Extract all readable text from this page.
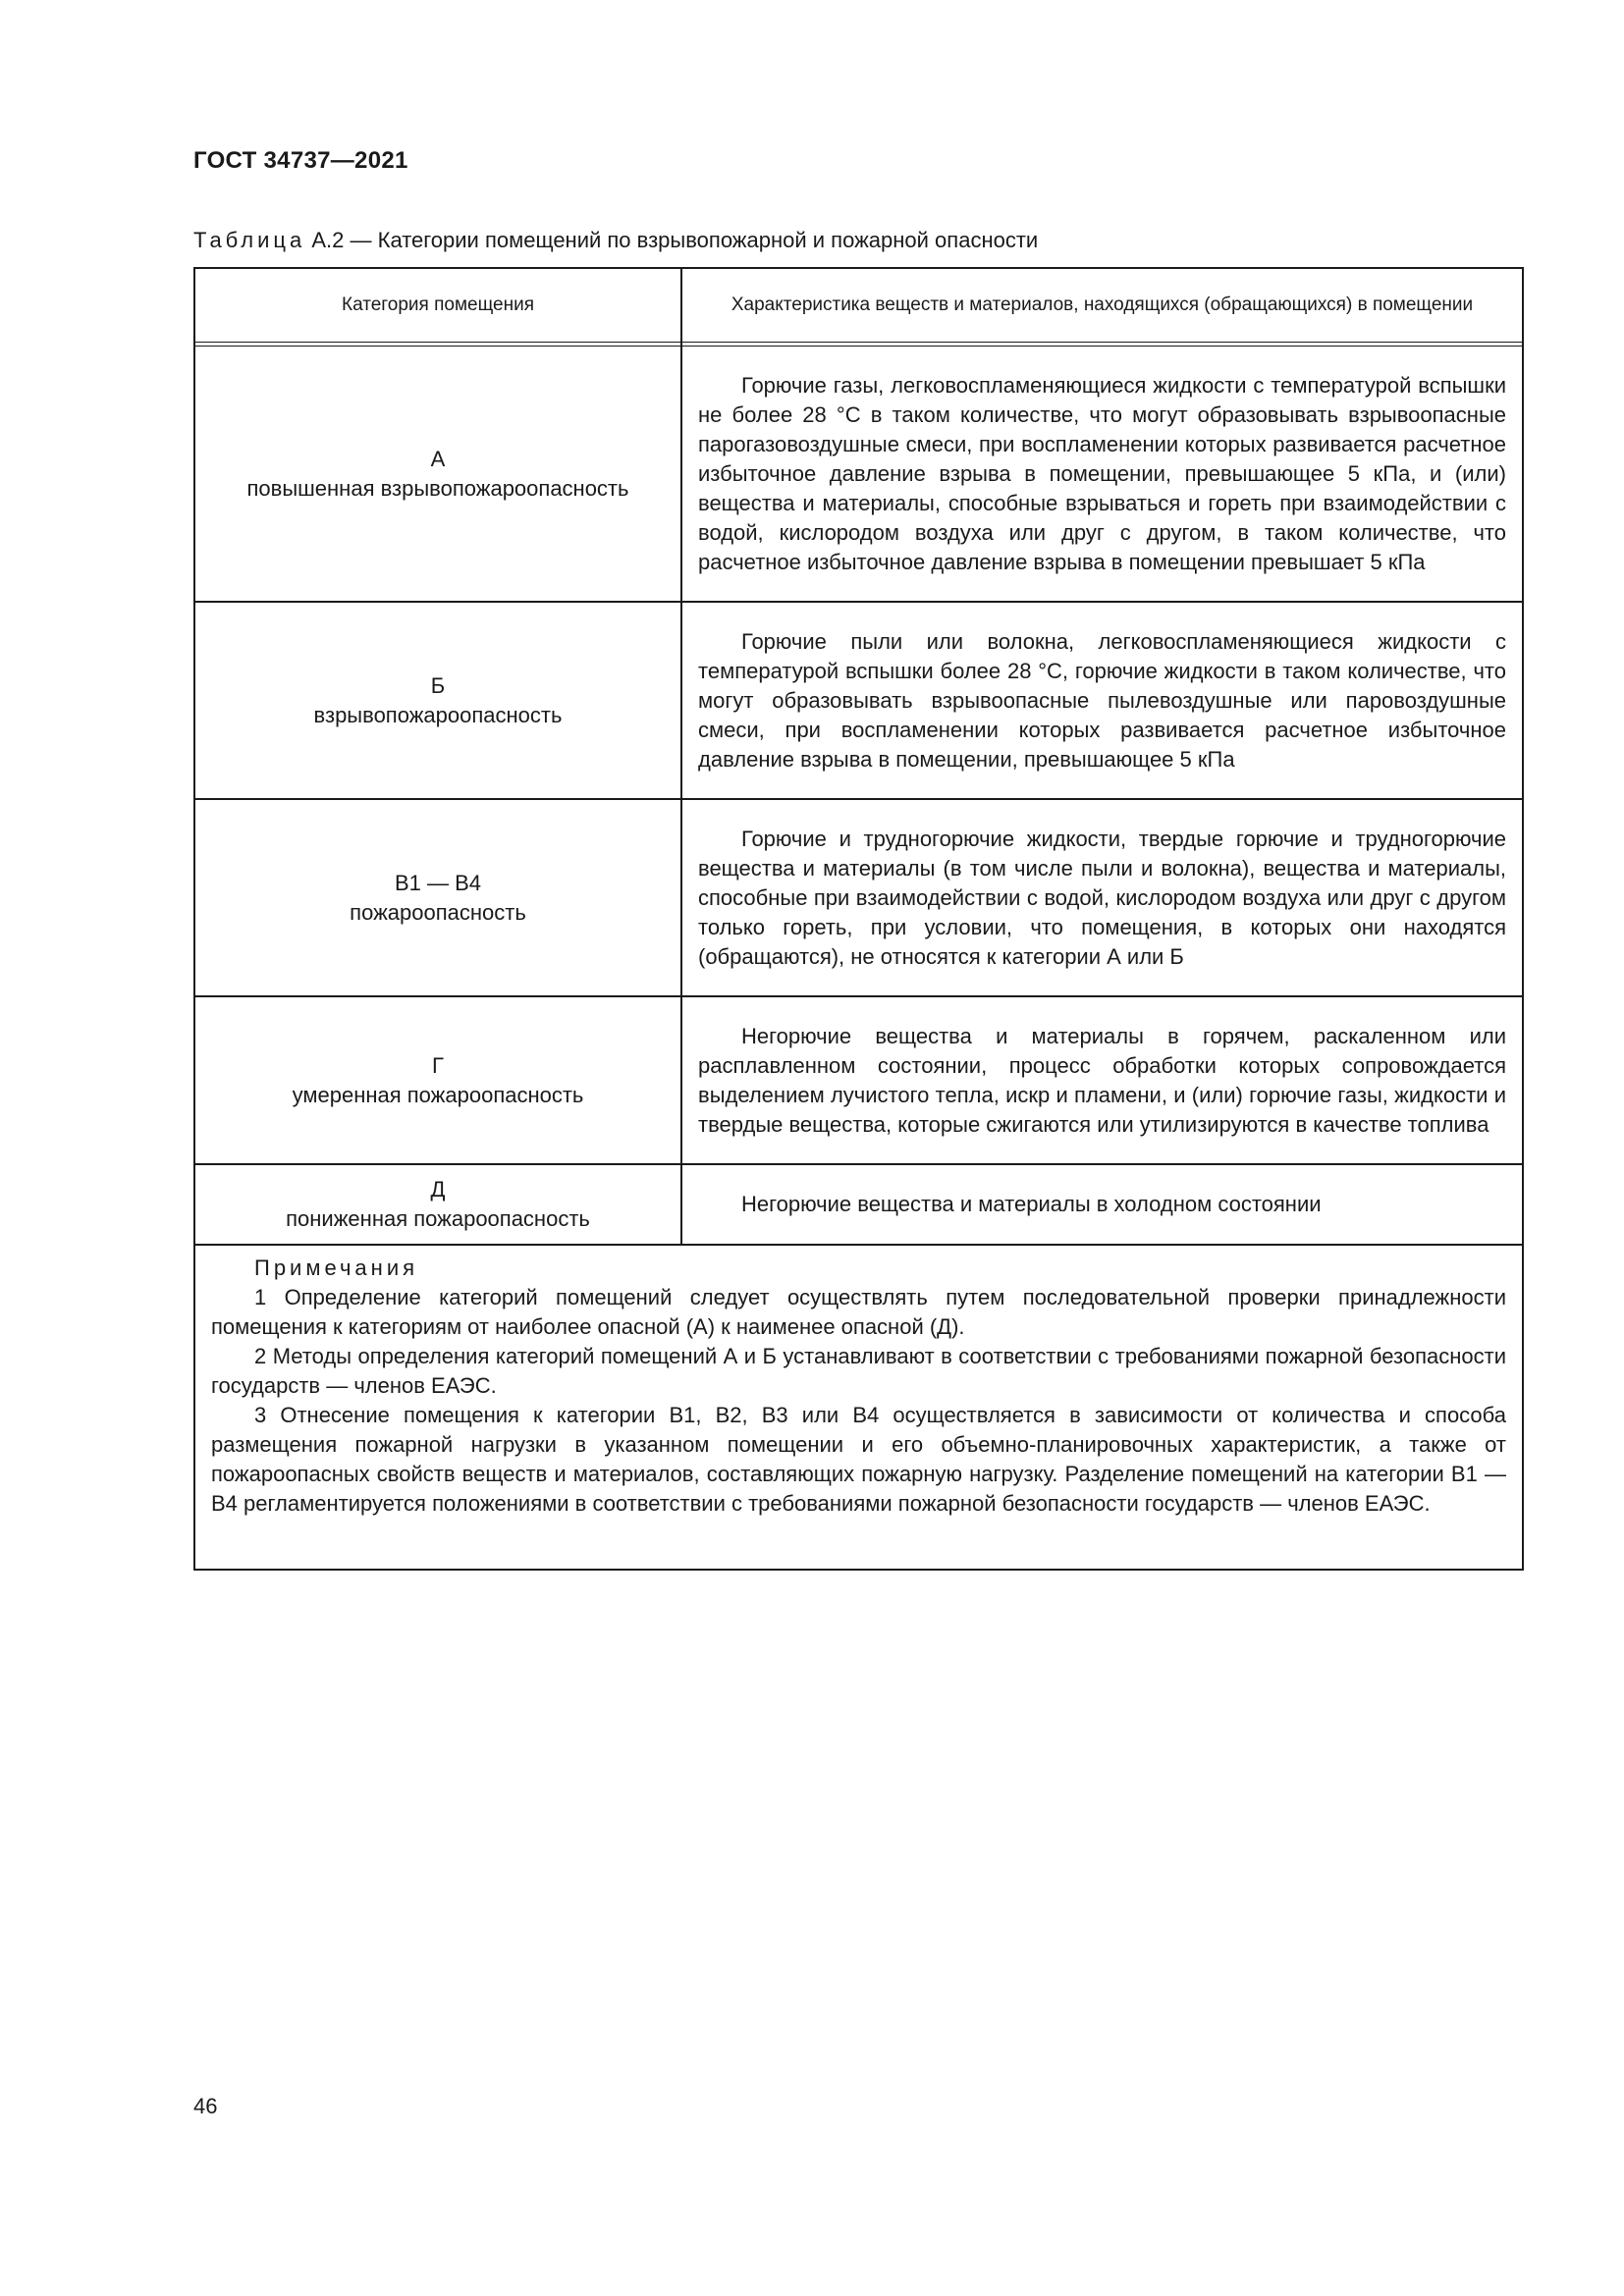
ГОСТ 34737—2021
Таблица А.2 — Категории помещений по взрывопожарной и пожарной опасности
Категория помещения	Характеристика веществ и материалов, находящихся (обращающихся) в помещении
А
повышенная взрывопожароопасность

Горючие газы, легковоспламеняющиеся жидкости с температурой вспышки не более 28 °С в таком количестве, что могут образовывать взрывоопасные парогазовоздушные смеси, при воспламенении которых развивается расчетное избыточное давление взрыва в помещении, превышающее 5 кПа, и (или) вещества и материалы, способные взрываться и гореть при взаимодействии с водой, кислородом воздуха или друг с другом, в таком количестве, что расчетное избыточное давление взрыва в помещении превышает 5 кПа

Б
взрывопожароопасность

Горючие пыли или волокна, легковоспламеняющиеся жидкости с температурой вспышки более 28 °С, горючие жидкости в таком количестве, что могут образовывать взрывоопасные пылевоздушные или паровоздушные смеси, при воспламенении которых развивается расчетное избыточное давление взрыва в помещении, превышающее 5 кПа

В1 — В4
пожароопасность

Горючие и трудногорючие жидкости, твердые горючие и трудногорючие вещества и материалы (в том числе пыли и волокна), вещества и материалы, способные при взаимодействии с водой, кислородом воздуха или друг с другом только гореть, при условии, что помещения, в которых они находятся (обращаются), не относятся к категории А или Б

Г
умеренная пожароопасность

Негорючие вещества и материалы в горячем, раскаленном или расплавленном состоянии, процесс обработки которых сопровождается выделением лучистого тепла, искр и пламени, и (или) горючие газы, жидкости и твердые вещества, которые сжигаются или утилизируются в качестве топлива

Д
пониженная пожароопасность

Негорючие вещества и материалы в холодном состоянии

Примечания

1 Определение категорий помещений следует осуществлять путем последовательной проверки принадлежности помещения к категориям от наиболее опасной (А) к наименее опасной (Д).

2 Методы определения категорий помещений А и Б устанавливают в соответствии с требованиями пожарной безопасности государств — членов ЕАЭС.

3 Отнесение помещения к категории В1, В2, В3 или В4 осуществляется в зависимости от количества и способа размещения пожарной нагрузки в указанном помещении и его объемно-планировочных характеристик, а также от пожароопасных свойств веществ и материалов, составляющих пожарную нагрузку. Разделение помещений на категории В1 — В4 регламентируется положениями в соответствии с требованиями пожарной безопасности государств — членов ЕАЭС.

46
